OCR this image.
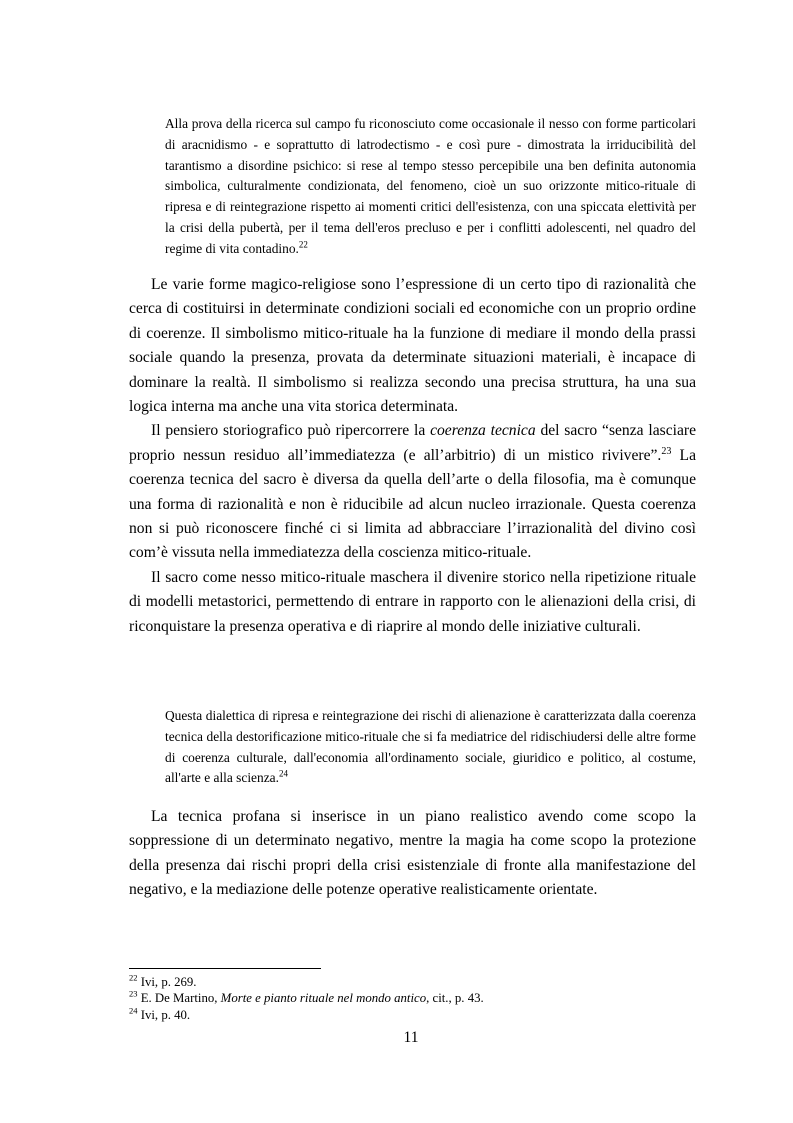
Alla prova della ricerca sul campo fu riconosciuto come occasionale il nesso con forme particolari di aracnidismo - e soprattutto di latrodectismo - e così pure - dimostrata la irriducibilità del tarantismo a disordine psichico: si rese al tempo stesso percepibile una ben definita autonomia simbolica, culturalmente condizionata, del fenomeno, cioè un suo orizzonte mitico-rituale di ripresa e di reintegrazione rispetto ai momenti critici dell'esistenza, con una spiccata elettività per la crisi della pubertà, per il tema dell'eros precluso e per i conflitti adolescenti, nel quadro del regime di vita contadino.$^{22}$

Le varie forme magico-religiose sono l’espressione di un certo tipo di razionalità che cerca di costituirsi in determinate condizioni sociali ed economiche con un proprio ordine di coerenze. Il simbolismo mitico-rituale ha la funzione di mediare il mondo della prassi sociale quando la presenza, provata da determinate situazioni materiali, è incapace di dominare la realtà. Il simbolismo si realizza secondo una precisa struttura, ha una sua logica interna ma anche una vita storica determinata.

Il pensiero storiografico può ripercorrere la coerenza tecnica del sacro “senza lasciare proprio nessun residuo all’immediatezza (e all’arbitrio) di un mistico rivivere”.$^{23}$ La coerenza tecnica del sacro è diversa da quella dell’arte o della filosofia, ma è comunque una forma di razionalità e non è riducibile ad alcun nucleo irrazionale. Questa coerenza non si può riconoscere finché ci si limita ad abbracciare l’irrazionalità del divino così com’è vissuta nella immediatezza della coscienza mitico-rituale.

Il sacro come nesso mitico-rituale maschera il divenire storico nella ripetizione rituale di modelli metastorici, permettendo di entrare in rapporto con le alienazioni della crisi, di riconquistare la presenza operativa e di riaprire al mondo delle iniziative culturali.

Questa dialettica di ripresa e reintegrazione dei rischi di alienazione è caratterizzata dalla coerenza tecnica della destorificazione mitico-rituale che si fa mediatrice del ridischiudersi delle altre forme di coerenza culturale, dall'economia all'ordinamento sociale, giuridico e politico, al costume, all'arte e alla scienza.$^{24}$

La tecnica profana si inserisce in un piano realistico avendo come scopo la soppressione di un determinato negativo, mentre la magia ha come scopo la protezione della presenza dai rischi propri della crisi esistenziale di fronte alla manifestazione del negativo, e la mediazione delle potenze operative realisticamente orientate.

$^{22}$ Ivi, p. 269.
$^{23}$ E. De Martino, Morte e pianto rituale nel mondo antico, cit., p. 43.
$^{24}$ Ivi, p. 40.
11
